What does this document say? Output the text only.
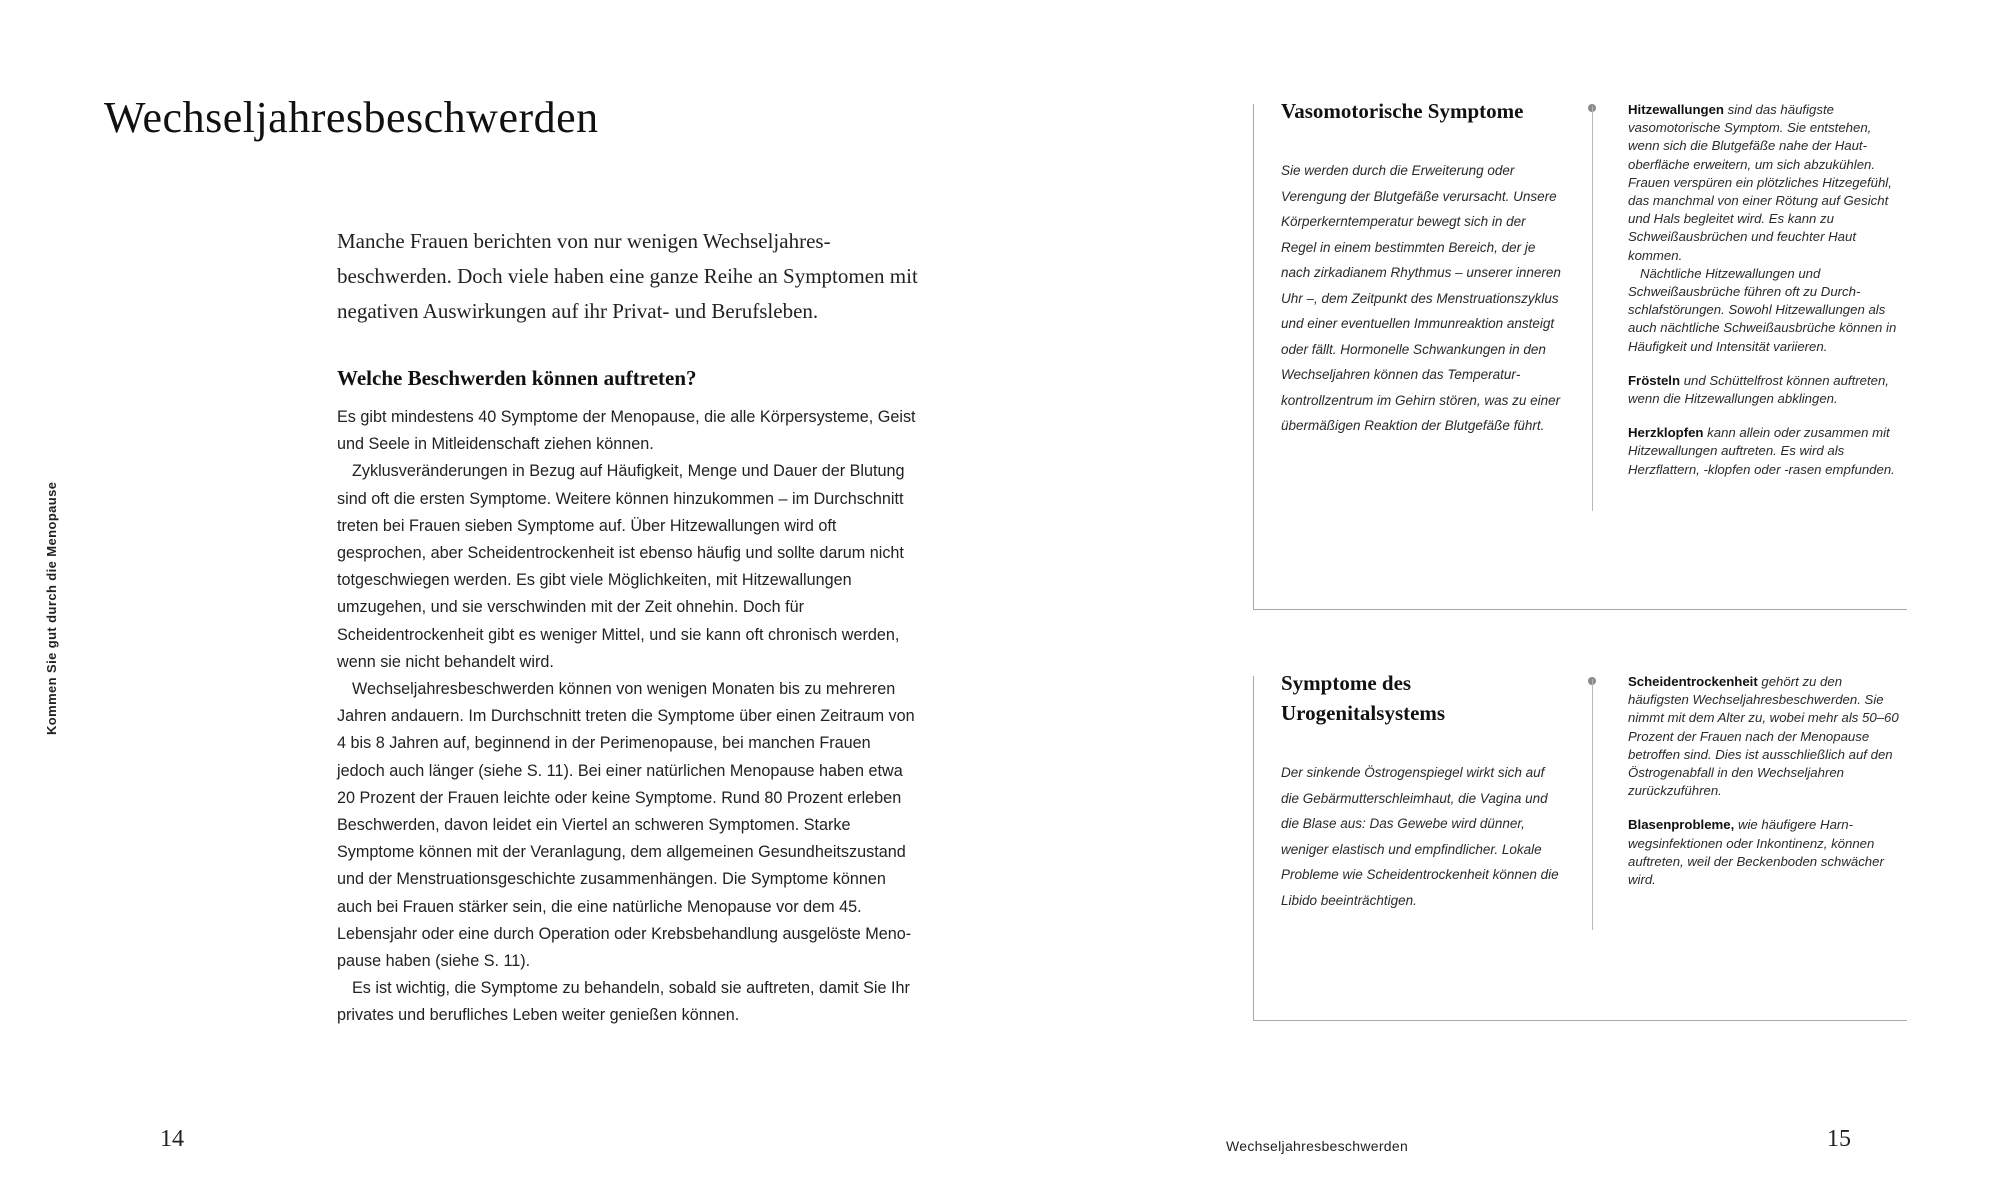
Wechseljahresbeschwerden
Kommen Sie gut durch die Menopause

Manche Frauen berichten von nur wenigen Wechseljahresbeschwerden. Doch viele haben eine ganze Reihe an Symptomen mit negativen Auswirkungen auf ihr Privat- und Berufsleben.

Welche Beschwerden können auftreten?

Es gibt mindestens 40 Symptome der Menopause, die alle Körpersysteme, Geist und Seele in Mitleidenschaft ziehen können.

Zyklusveränderungen in Bezug auf Häufigkeit, Menge und Dauer der Blutung sind oft die ersten Symptome. Weitere können hinzukommen – im Durchschnitt treten bei Frauen sieben Symptome auf. Über Hitzewallungen wird oft gesprochen, aber Scheidentrockenheit ist ebenso häufig und sollte darum nicht totgeschwiegen werden. Es gibt viele Möglichkeiten, mit Hitzewallungen umzugehen, und sie verschwinden mit der Zeit ohnehin. Doch für Scheidentrockenheit gibt es weniger Mittel, und sie kann oft chronisch werden, wenn sie nicht behandelt wird.

Wechseljahresbeschwerden können von wenigen Monaten bis zu mehreren Jahren andauern. Im Durchschnitt treten die Symptome über einen Zeitraum von 4 bis 8 Jahren auf, beginnend in der Perimenopause, bei manchen Frauen jedoch auch länger (siehe S. 11). Bei einer natürlichen Menopause haben etwa 20 Prozent der Frauen leichte oder keine Symptome. Rund 80 Prozent erleben Beschwerden, davon leidet ein Viertel an schweren Symptomen. Starke Symptome können mit der Veranlagung, dem allgemeinen Gesundheitszustand und der Menstruationsgeschichte zusammenhängen. Die Symptome können auch bei Frauen stärker sein, die eine natürliche Menopause vor dem 45. Lebensjahr oder eine durch Operation oder Krebsbehandlung ausgelöste Menopause haben (siehe S. 11).

Es ist wichtig, die Symptome zu behandeln, sobald sie auftreten, damit Sie Ihr privates und berufliches Leben weiter genießen können.

14
Vasomotorische Symptome

Sie werden durch die Erweiterung oder Verengung der Blutgefäße verursacht. Unsere Körperkerntemperatur bewegt sich in der Regel in einem bestimmten Bereich, der je nach zirkadianem Rhythmus – unserer inneren Uhr –, dem Zeitpunkt des Menstruationszyklus und einer eventuellen Immunreaktion ansteigt oder fällt. Hormonelle Schwankungen in den Wechseljahren können das Temperaturkontrollzentrum im Gehirn stören, was zu einer übermäßigen Reaktion der Blutgefäße führt.

Hitzewallungen sind das häufigste vasomotorische Symptom. Sie entstehen, wenn sich die Blutgefäße nahe der Hautoberfläche erweitern, um sich abzukühlen. Frauen verspüren ein plötzliches Hitzegefühl, das manchmal von einer Rötung auf Gesicht und Hals begleitet wird. Es kann zu Schweißausbrüchen und feuchter Haut kommen.

Nächtliche Hitzewallungen und Schweißausbrüche führen oft zu Durchschlafstörungen. Sowohl Hitzewallungen als auch nächtliche Schweißausbrüche können in Häufigkeit und Intensität variieren.

Frösteln und Schüttelfrost können auftreten, wenn die Hitzewallungen abklingen.

Herzklopfen kann allein oder zusammen mit Hitzewallungen auftreten. Es wird als Herzflattern, -klopfen oder -rasen empfunden.

Symptome des Urogenitalsystems

Der sinkende Östrogenspiegel wirkt sich auf die Gebärmutterschleimhaut, die Vagina und die Blase aus: Das Gewebe wird dünner, weniger elastisch und empfindlicher. Lokale Probleme wie Scheidentrockenheit können die Libido beeinträchtigen.

Scheidentrockenheit gehört zu den häufigsten Wechseljahresbeschwerden. Sie nimmt mit dem Alter zu, wobei mehr als 50–60 Prozent der Frauen nach der Menopause betroffen sind. Dies ist ausschließlich auf den Östrogenabfall in den Wechseljahren zurückzuführen.

Blasenprobleme, wie häufigere Harnwegsinfektionen oder Inkontinenz, können auftreten, weil der Beckenboden schwächer wird.

Wechseljahresbeschwerden	15
